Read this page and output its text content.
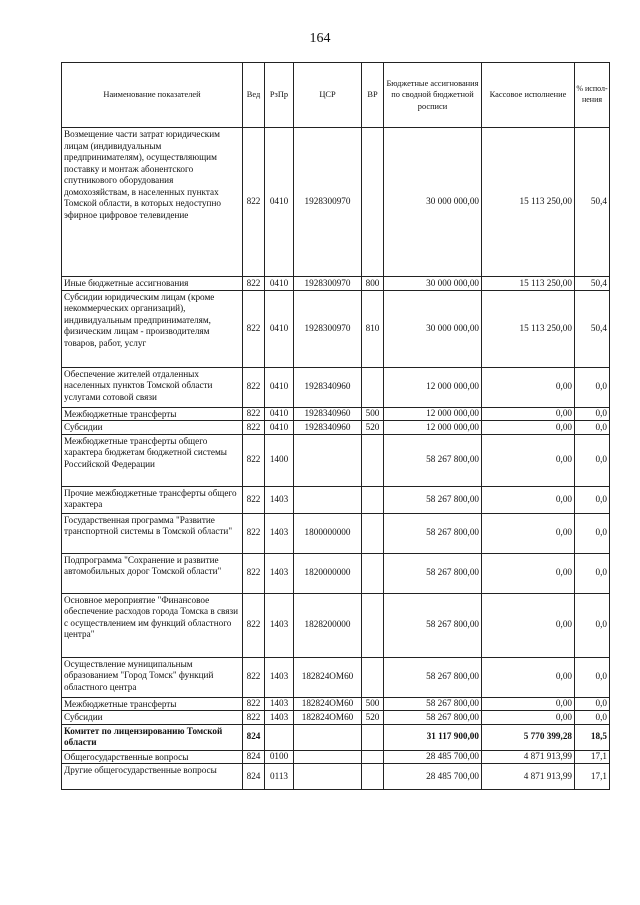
164
Наименование показателей	Вед	РзПр	ЦСР	ВР	Бюджетные ассигнования по сводной бюджетной росписи	Кассовое исполнение	% испол-нения
Возмещение части затрат юридическим лицам (индивидуальным предпринимателям), осуществляющим поставку и монтаж абонентского спутникового оборудования домохозяйствам, в населенных пунктах Томской области, в которых недоступно эфирное цифровое телевидение	822	0410	1928300970		30 000 000,00	15 113 250,00	50,4
Иные бюджетные ассигнования	822	0410	1928300970	800	30 000 000,00	15 113 250,00	50,4
Субсидии юридическим лицам (кроме некоммерческих организаций), индивидуальным предпринимателям, физическим лицам - производителям товаров, работ, услуг	822	0410	1928300970	810	30 000 000,00	15 113 250,00	50,4
Обеспечение жителей отдаленных населенных пунктов Томской области услугами сотовой связи	822	0410	1928340960		12 000 000,00	0,00	0,0
Межбюджетные трансферты	822	0410	1928340960	500	12 000 000,00	0,00	0,0
Субсидии	822	0410	1928340960	520	12 000 000,00	0,00	0,0
Межбюджетные трансферты общего характера бюджетам бюджетной системы Российской Федерации	822	1400			58 267 800,00	0,00	0,0
Прочие межбюджетные трансферты общего характера	822	1403			58 267 800,00	0,00	0,0
Государственная программа "Развитие транспортной системы в Томской области"	822	1403	1800000000		58 267 800,00	0,00	0,0
Подпрограмма "Сохранение и развитие автомобильных дорог Томской области"	822	1403	1820000000		58 267 800,00	0,00	0,0
Основное мероприятие "Финансовое обеспечение расходов города Томска в связи с осуществлением им функций областного центра"	822	1403	1828200000		58 267 800,00	0,00	0,0
Осуществление муниципальным образованием "Город Томск" функций областного центра	822	1403	182824ОМ60		58 267 800,00	0,00	0,0
Межбюджетные трансферты	822	1403	182824ОМ60	500	58 267 800,00	0,00	0,0
Субсидии	822	1403	182824ОМ60	520	58 267 800,00	0,00	0,0
Комитет по лицензированию Томской области	824				31 117 900,00	5 770 399,28	18,5
Общегосударственные вопросы	824	0100			28 485 700,00	4 871 913,99	17,1
Другие общегосударственные вопросы	824	0113			28 485 700,00	4 871 913,99	17,1
